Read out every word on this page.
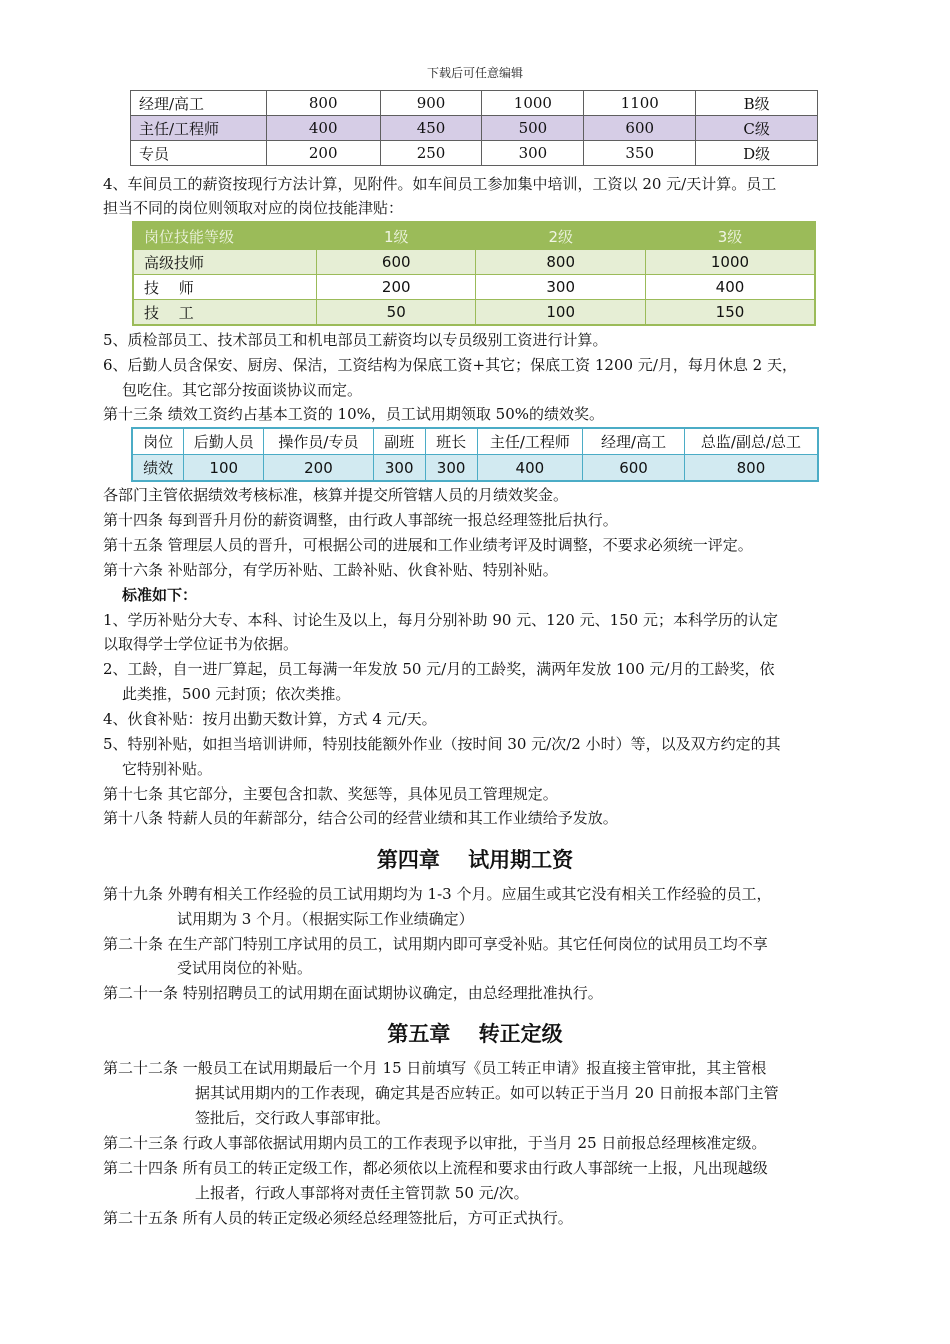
下载后可任意编辑
经理/高工	800	900	1000	1100	B级
主任/工程师	400	450	500	600	C级
专员	200	250	300	350	D级
4、车间员工的薪资按现行方法计算，见附件。如车间员工参加集中培训，工资以 20 元/天计算。员工
担当不同的岗位则领取对应的岗位技能津贴：
岗位技能等级	1级	2级	3级
高级技师	600	800	1000
技　 师	200	300	400
技　 工	50	100	150
5、质检部员工、技术部员工和机电部员工薪资均以专员级别工资进行计算。
6、后勤人员含保安、厨房、保洁，工资结构为保底工资+其它；保底工资 1200 元/月，每月休息 2 天，
包吃住。其它部分按面谈协议而定。
第十三条 绩效工资约占基本工资的 10%，员工试用期领取 50%的绩效奖。
岗位	后勤人员	操作员/专员	副班	班长	主任/工程师	经理/高工	总监/副总/总工
绩效	100	200	300	300	400	600	800
各部门主管依据绩效考核标准，核算并提交所管辖人员的月绩效奖金。
第十四条 每到晋升月份的薪资调整，由行政人事部统一报总经理签批后执行。
第十五条 管理层人员的晋升，可根据公司的进展和工作业绩考评及时调整，不要求必须统一评定。
第十六条 补贴部分，有学历补贴、工龄补贴、伙食补贴、特别补贴。
标准如下：
1、学历补贴分大专、本科、讨论生及以上，每月分别补助 90 元、120 元、150 元；本科学历的认定
以取得学士学位证书为依据。
2、工龄，自一进厂算起，员工每满一年发放 50 元/月的工龄奖，满两年发放 100 元/月的工龄奖，依
此类推，500 元封顶；依次类推。
4、伙食补贴：按月出勤天数计算，方式 4 元/天。
5、特别补贴，如担当培训讲师，特别技能额外作业（按时间 30 元/次/2 小时）等，以及双方约定的其
它特别补贴。
第十七条 其它部分，主要包含扣款、奖惩等，具体见员工管理规定。
第十八条 特薪人员的年薪部分，结合公司的经营业绩和其工作业绩给予发放。
第四章　 试用期工资
第十九条 外聘有相关工作经验的员工试用期均为 1-3 个月。应届生或其它没有相关工作经验的员工，
试用期为 3 个月。（根据实际工作业绩确定）
第二十条 在生产部门特别工序试用的员工，试用期内即可享受补贴。其它任何岗位的试用员工均不享
受试用岗位的补贴。
第二十一条 特别招聘员工的试用期在面试期协议确定，由总经理批准执行。
第五章　 转正定级
第二十二条 一般员工在试用期最后一个月 15 日前填写《员工转正申请》报直接主管审批，其主管根
据其试用期内的工作表现，确定其是否应转正。如可以转正于当月 20 日前报本部门主管
签批后，交行政人事部审批。
第二十三条 行政人事部依据试用期内员工的工作表现予以审批，于当月 25 日前报总经理核准定级。
第二十四条 所有员工的转正定级工作，都必须依以上流程和要求由行政人事部统一上报，凡出现越级
上报者，行政人事部将对责任主管罚款 50 元/次。
第二十五条 所有人员的转正定级必须经总经理签批后，方可正式执行。
